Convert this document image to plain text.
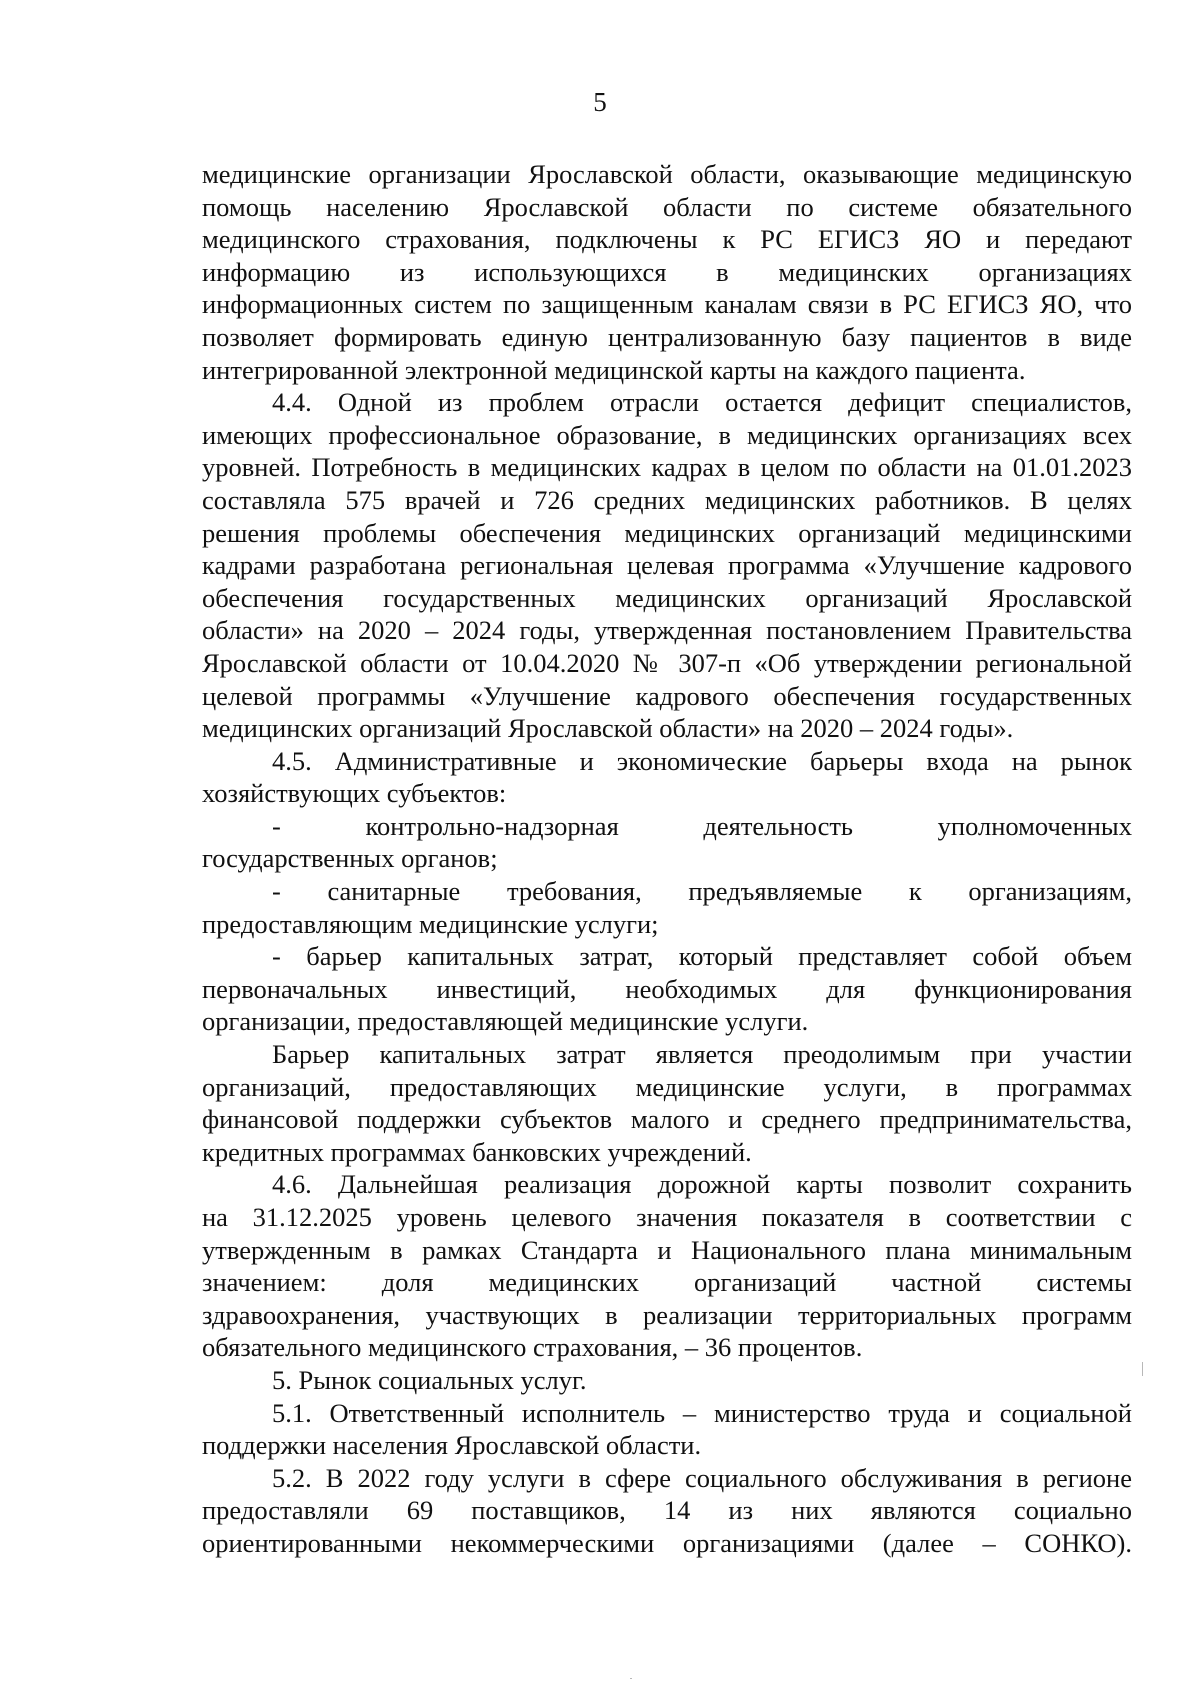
5
медицинские организации Ярославской области, оказывающие медицинскую
помощь населению Ярославской области по системе обязательного
медицинского страхования, подключены к РС ЕГИСЗ ЯО и передают
информацию из использующихся в медицинских организациях
информационных систем по защищенным каналам связи в РС ЕГИСЗ ЯО, что
позволяет формировать единую централизованную базу пациентов в виде
интегрированной электронной медицинской карты на каждого пациента.
4.4. Одной из проблем отрасли остается дефицит специалистов,
имеющих профессиональное образование, в медицинских организациях всех
уровней. Потребность в медицинских кадрах в целом по области на 01.01.2023
составляла 575 врачей и 726 средних медицинских работников. В целях
решения проблемы обеспечения медицинских организаций медицинскими
кадрами разработана региональная целевая программа «Улучшение кадрового
обеспечения государственных медицинских организаций Ярославской
области» на 2020 – 2024 годы, утвержденная постановлением Правительства
Ярославской области от 10.04.2020 № 307-п «Об утверждении региональной
целевой программы «Улучшение кадрового обеспечения государственных
медицинских организаций Ярославской области» на 2020 – 2024 годы».
4.5. Административные и экономические барьеры входа на рынок
хозяйствующих субъектов:
- контрольно-надзорная деятельность уполномоченных
государственных органов;
- санитарные требования, предъявляемые к организациям,
предоставляющим медицинские услуги;
- барьер капитальных затрат, который представляет собой объем
первоначальных инвестиций, необходимых для функционирования
организации, предоставляющей медицинские услуги.
Барьер капитальных затрат является преодолимым при участии
организаций, предоставляющих медицинские услуги, в программах
финансовой поддержки субъектов малого и среднего предпринимательства,
кредитных программах банковских учреждений.
4.6. Дальнейшая реализация дорожной карты позволит сохранить
на 31.12.2025 уровень целевого значения показателя в соответствии с
утвержденным в рамках Стандарта и Национального плана минимальным
значением: доля медицинских организаций частной системы
здравоохранения, участвующих в реализации территориальных программ
обязательного медицинского страхования, – 36 процентов.
5. Рынок социальных услуг.
5.1. Ответственный исполнитель – министерство труда и социальной
поддержки населения Ярославской области.
5.2. В 2022 году услуги в сфере социального обслуживания в регионе
предоставляли 69 поставщиков, 14 из них являются социально
ориентированными некоммерческими организациями (далее – СОНКО).
